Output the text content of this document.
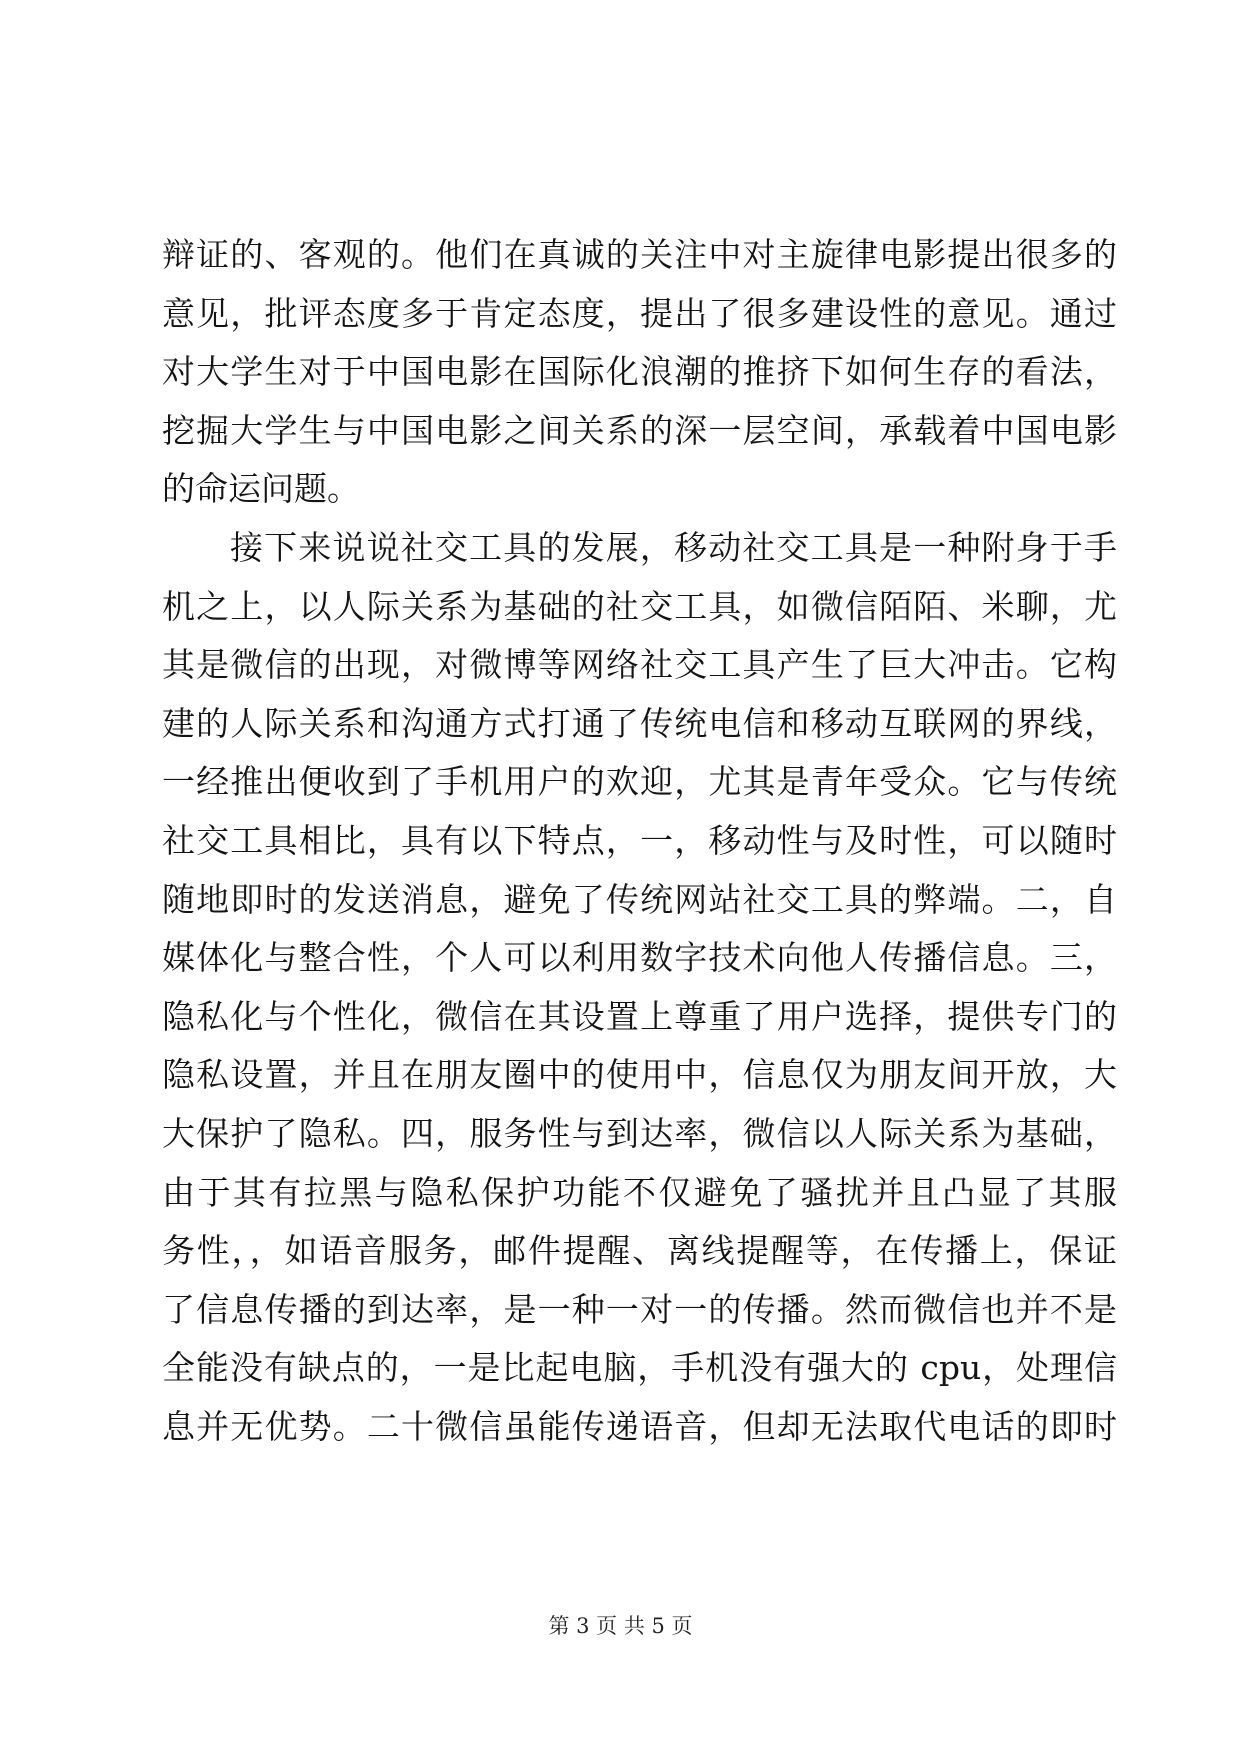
辩证的、客观的。他们在真诚的关注中对主旋律电影提出很多的
意见，批评态度多于肯定态度，提出了很多建设性的意见。通过
对大学生对于中国电影在国际化浪潮的推挤下如何生存的看法，
挖掘大学生与中国电影之间关系的深一层空间，承载着中国电影
的命运问题。
接下来说说社交工具的发展，移动社交工具是一种附身于手
机之上，以人际关系为基础的社交工具，如微信陌陌、米聊，尤
其是微信的出现，对微博等网络社交工具产生了巨大冲击。它构
建的人际关系和沟通方式打通了传统电信和移动互联网的界线，
一经推出便收到了手机用户的欢迎，尤其是青年受众。它与传统
社交工具相比，具有以下特点，一，移动性与及时性，可以随时
随地即时的发送消息，避免了传统网站社交工具的弊端。二，自
媒体化与整合性，个人可以利用数字技术向他人传播信息。三，
隐私化与个性化，微信在其设置上尊重了用户选择，提供专门的
隐私设置，并且在朋友圈中的使用中，信息仅为朋友间开放，大
大保护了隐私。四，服务性与到达率，微信以人际关系为基础，
由于其有拉黑与隐私保护功能不仅避免了骚扰并且凸显了其服
务性，，如语音服务，邮件提醒、离线提醒等，在传播上，保证
了信息传播的到达率，是一种一对一的传播。然而微信也并不是
全能没有缺点的，一是比起电脑，手机没有强大的 cpu，处理信
息并无优势。二十微信虽能传递语音，但却无法取代电话的即时
第 3 页 共 5 页
